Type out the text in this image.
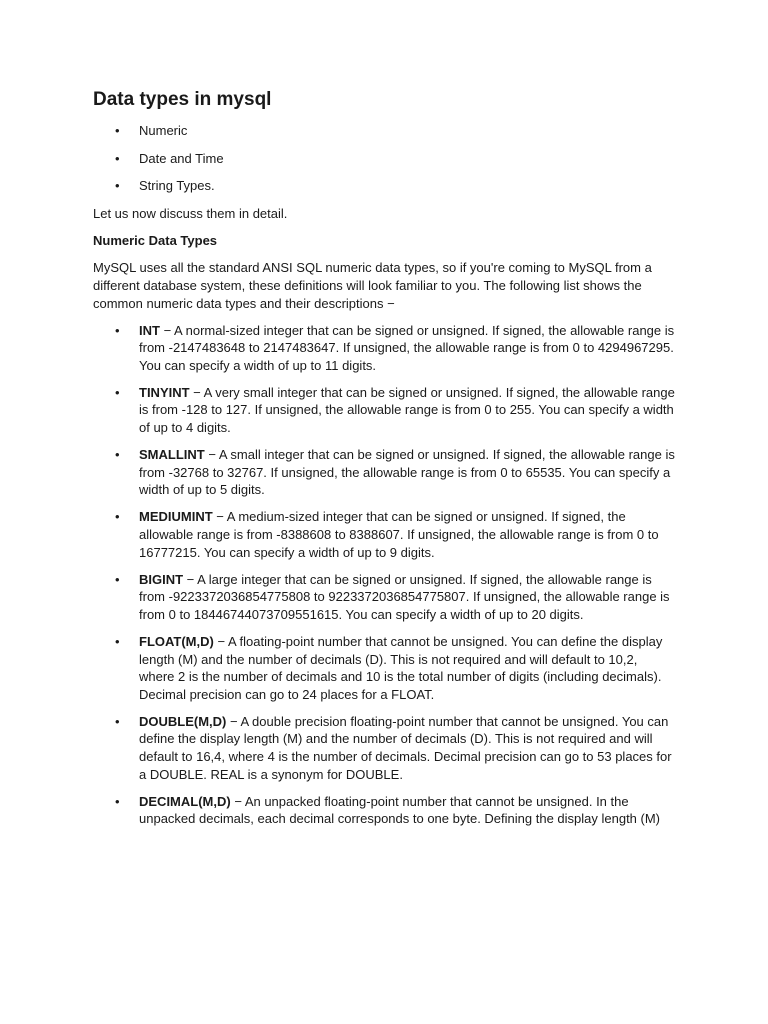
Data types in mysql
• Numeric
• Date and Time
• String Types.

Let us now discuss them in detail.

Numeric Data Types

MySQL uses all the standard ANSI SQL numeric data types, so if you're coming to MySQL from a different database system, these definitions will look familiar to you. The following list shows the common numeric data types and their descriptions −

• INT − A normal-sized integer that can be signed or unsigned. If signed, the allowable range is from -2147483648 to 2147483647. If unsigned, the allowable range is from 0 to 4294967295. You can specify a width of up to 11 digits.
• TINYINT − A very small integer that can be signed or unsigned. If signed, the allowable range is from -128 to 127. If unsigned, the allowable range is from 0 to 255. You can specify a width of up to 4 digits.
• SMALLINT − A small integer that can be signed or unsigned. If signed, the allowable range is from -32768 to 32767. If unsigned, the allowable range is from 0 to 65535. You can specify a width of up to 5 digits.
• MEDIUMINT − A medium-sized integer that can be signed or unsigned. If signed, the allowable range is from -8388608 to 8388607. If unsigned, the allowable range is from 0 to 16777215. You can specify a width of up to 9 digits.
• BIGINT − A large integer that can be signed or unsigned. If signed, the allowable range is from -9223372036854775808 to 9223372036854775807. If unsigned, the allowable range is from 0 to 18446744073709551615. You can specify a width of up to 20 digits.
• FLOAT(M,D) − A floating-point number that cannot be unsigned. You can define the display length (M) and the number of decimals (D). This is not required and will default to 10,2, where 2 is the number of decimals and 10 is the total number of digits (including decimals). Decimal precision can go to 24 places for a FLOAT.
• DOUBLE(M,D) − A double precision floating-point number that cannot be unsigned. You can define the display length (M) and the number of decimals (D). This is not required and will default to 16,4, where 4 is the number of decimals. Decimal precision can go to 53 places for a DOUBLE. REAL is a synonym for DOUBLE.
• DECIMAL(M,D) − An unpacked floating-point number that cannot be unsigned. In the unpacked decimals, each decimal corresponds to one byte. Defining the display length (M)
